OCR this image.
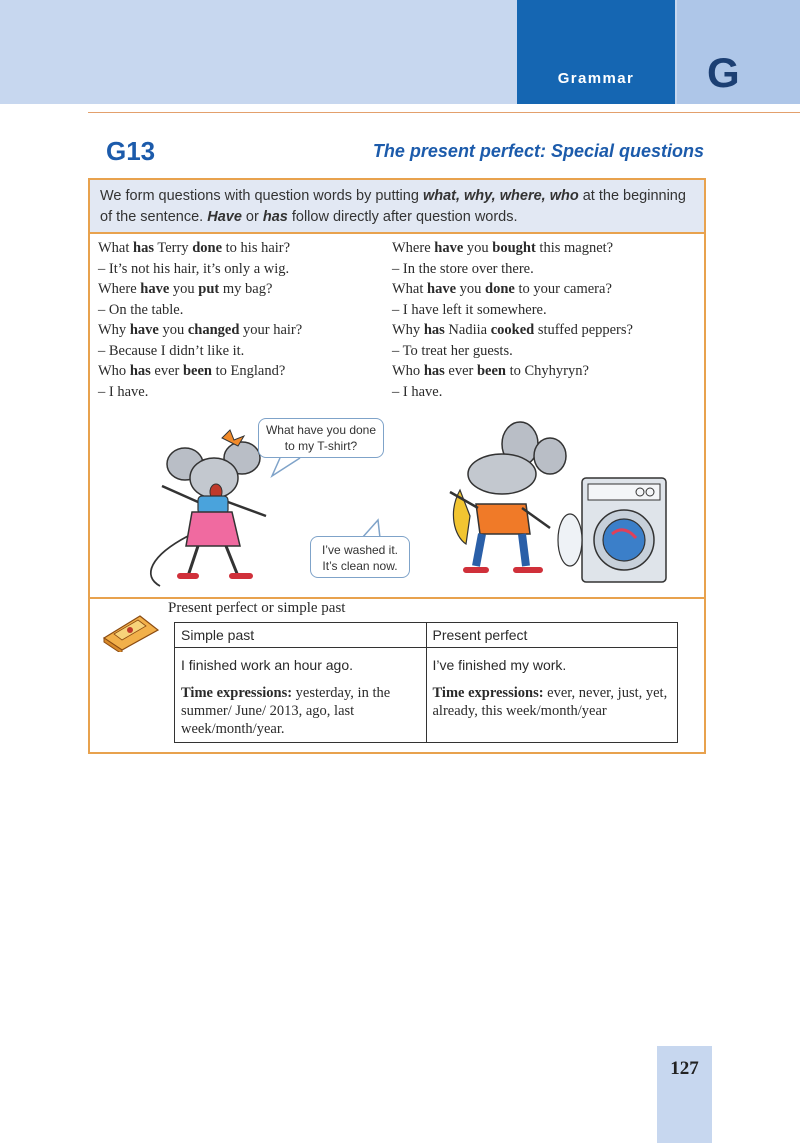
Grammar	G
G13	The present perfect: Special questions
We form questions with question words by putting what, why, where, who at the beginning of the sentence. Have or has follow directly after question words.
What has Terry done to his hair?
– It’s not his hair, it’s only a wig.
Where have you put my bag?
– On the table.
Why have you changed your hair?
– Because I didn’t like it.
Who has ever been to England?
– I have.
Where have you bought this magnet?
– In the store over there.
What have you done to your camera?
– I have left it somewhere.
Why has Nadiia cooked stuffed peppers?
– To treat her guests.
Who has ever been to Chyhyryn?
– I have.
What have you done
to my T-shirt?
I’ve washed it.
It’s clean now.
Present perfect or simple past
Simple past	Present perfect
I finished work an hour ago.	I’ve finished my work.
Time expressions: yesterday, in the summer/ June/ 2013, ago, last week/month/year.	Time expressions: ever, never, just, yet, already, this week/month/year
127
